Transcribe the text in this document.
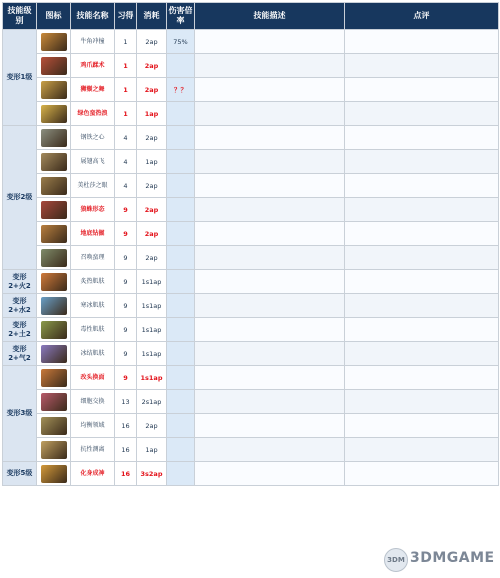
技能级别	图标	技能名称	习得	消耗	伤害倍率	技能描述	点评
变形1级		牛角冲撞	1	2ap	75%		

		鸡爪蹂术	1	2ap			

		狮鬃之舞	1	2ap	？？		

		绿色蛮热浪	1	1ap			
变形2级		钢铁之心	4	2ap			

		展翅高飞	4	1ap			

		美杜莎之眼	4	2ap			

		狼蛛形态	9	2ap			

		地底钻掘	9	2ap			

		召唤蛮理	9	2ap			
变形2+火2		炙热肌肤	9	1s1ap			
变形2+水2		寒冰肌肤	9	1s1ap			
变形2+土2		毒性肌肤	9	1s1ap			
变形2+气2		冰结肌肤	9	1s1ap			
变形3级		改头换面	9	1s1ap			

		细胞交换	13	2s1ap			

		均衡领域	16	2ap			

		抗性测离	16	1ap			
变形5级		化身成神	16	3s2ap			
3DM 3DMGAME
